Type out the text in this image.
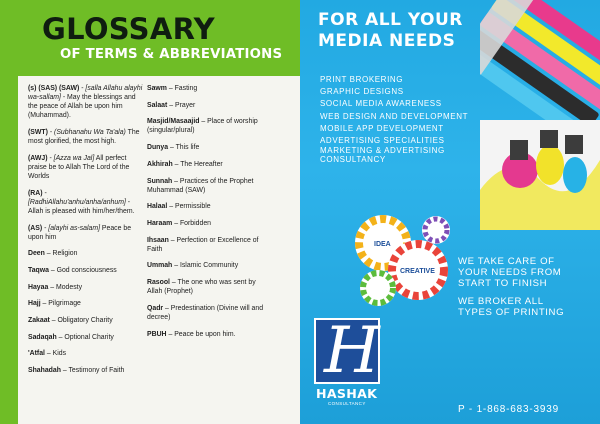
GLOSSARY
OF TERMS & ABBREVIATIONS
(s) (SAS) (SAW) - [salla Allahu alayhi wa-sallam] - May the blessings and the peace of Allah be upon him (Muhammad).
(SWT) - (Subhanahu Wa Ta'ala) The most glorified, the most high.
(AWJ) - [Azza wa Jal] All perfect praise be to Allah The Lord of the Worlds
(RA) - [RadhiAllahu'anhu/anha/anhum] - Allah is pleased with him/her/them.
(AS) - [alayhi as-salam] Peace be upon him
Deen – Religion
Taqwa – God consciousness
Hayaa – Modesty
Hajj – Pilgrimage
Zakaat – Obligatory Charity
Sadaqah – Optional Charity
'Atfal – Kids
Shahadah – Testimony of Faith
Sawm – Fasting
Salaat – Prayer
Masjid/Masaajid – Place of worship (singular/plural)
Dunya – This life
Akhirah – The Hereafter
Sunnah – Practices of the Prophet Muhammad (SAW)
Halaal – Permissible
Haraam – Forbidden
Ihsaan – Perfection or Excellence of Faith
Ummah – Islamic Community
Rasool – The one who was sent by Allah (Prophet)
Qadr – Predestination (Divine will and decree)
PBUH – Peace be upon him.
FOR ALL YOUR
MEDIA NEEDS
IDEA
CREATIVE
PRINT BROKERING
GRAPHIC DESIGNS
SOCIAL MEDIA AWARENESS
WEB DESIGN AND DEVELOPMENT
MOBILE APP DEVELOPMENT
ADVERTISING SPECIALITIES
MARKETING & ADVERTISING
CONSULTANCY

WE TAKE CARE OF
YOUR NEEDS FROM
START TO FINISH

WE BROKER ALL
TYPES OF PRINTING

H
HASHAK
CONSULTANCY
P - 1-868-683-3939
